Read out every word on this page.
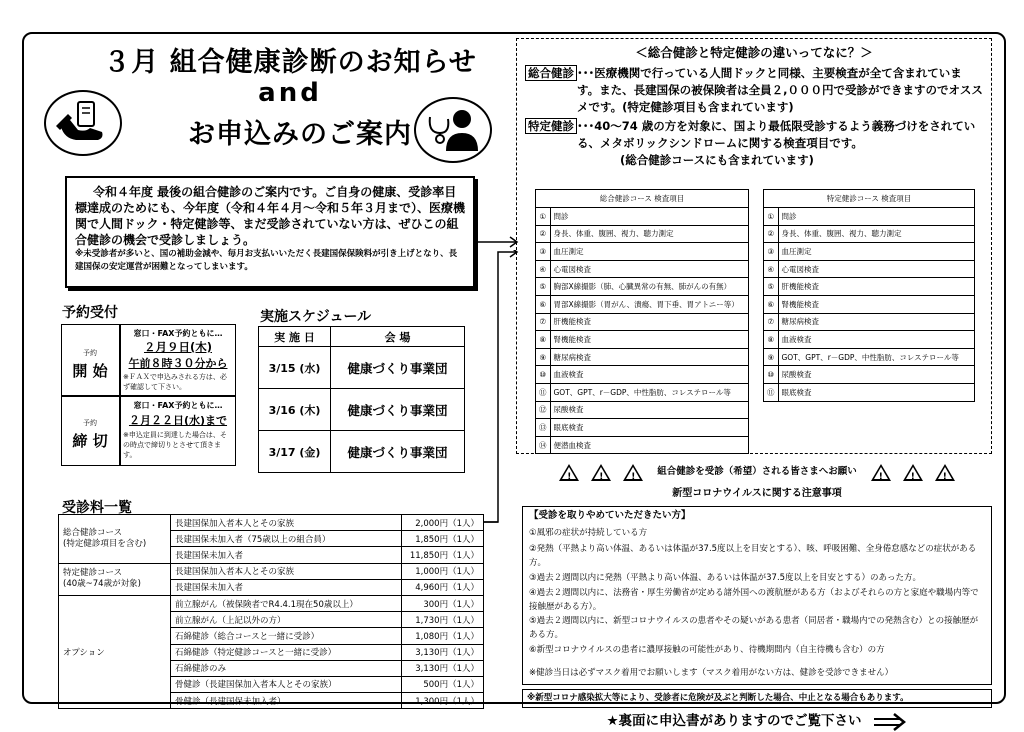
３月 組合健康診断のお知らせ
and
お申込みのご案内
令和４年度 最後の組合健診のご案内です。ご自身の健康、受診率目標達成のためにも、今年度（令和４年４月～令和５年３月まで）、医療機関で人間ドック・特定健診等、まだ受診されていない方は、ぜひこの組合健診の機会で受診しましょう。
※未受診者が多いと、国の補助金減や、毎月お支払いいただく長建国保保険料が引き上げとなり、長建国保の安定運営が困難となってしまいます。
予約受付
予約
開 始
窓口・FAX予約ともに…
２月９日(木)
午前８時３０分から
※ＦＡＸで申込みされる方は、必ず確認して下さい。
予約
締 切
窓口・FAX予約ともに…
２月２２日(水)まで
※申込定員に到達した場合は、その時点で締切りとさせて頂きます。
実施スケジュール
実 施 日	会 場
3/15 (水)	健康づくり事業団
3/16 (木)	健康づくり事業団
3/17 (金)	健康づくり事業団
受診料一覧
総合健診コース
(特定健診項目を含む)	長建国保加入者本人とその家族	2,000円（1人）
	長建国保未加入者（75歳以上の組合員）	1,850円（1人）
	長建国保未加入者	11,850円（1人）
特定健診コース
(40歳~74歳が対象)	長建国保加入者本人とその家族	1,000円（1人）
	長建国保未加入者	4,960円（1人）
オプション	前立腺がん（被保険者でR4.4.1現在50歳以上）	300円（1人）
	前立腺がん（上記以外の方）	1,730円（1人）
	石綿健診（総合コースと一緒に受診）	1,080円（1人）
	石綿健診（特定健診コースと一緒に受診）	3,130円（1人）
	石綿健診のみ	3,130円（1人）
	骨健診（長建国保加入者本人とその家族）	500円（1人）
	骨健診（長建国保未加入者）	1,300円（1人）
＜総合健診と特定健診の違いってなに？＞
総合健診 ･･･医療機関で行っている人間ドックと同様、主要検査が全て含まれています。また、長建国保の被保険者は全員２,０００円で受診ができますのでオススメです。(特定健診項目も含まれています)
特定健診 ･･･40～74 歳の方を対象に、国より最低限受診するよう義務づけをされている、メタボリックシンドロームに関する検査項目です。
(総合健診コースにも含まれています)
総合健診コース 検査項目	
①	問診
②	身長、体重、腹囲、視力、聴力測定
③	血圧測定
④	心電図検査
⑤	胸部X線撮影（肺、心臓異常の有無、肺がんの有無）
⑥	胃部X線撮影（胃がん、潰瘍、胃下垂、胃アトニー等）
⑦	肝機能検査
⑧	腎機能検査
⑨	糖尿病検査
⑩	血液検査
⑪	GOT、GPT、r－GDP、中性脂肪、コレステロール等
⑫	尿酸検査
⑬	眼底検査
⑭	便潜血検査
特定健診コース 検査項目	
①	問診
②	身長、体重、腹囲、視力、聴力測定
③	血圧測定
④	心電図検査
⑤	肝機能検査
⑥	腎機能検査
⑦	糖尿病検査
⑧	血液検査
⑨	GOT、GPT、r－GDP、中性脂肪、コレステロール等
⑩	尿酸検査
⑪	眼底検査
!	!	! 組合健診を受診（希望）される皆さまへお願い !	!	!
新型コロナウイルスに関する注意事項
【受診を取りやめていただきたい方】
①風邪の症状が持続している方
②発熱（平熱より高い体温、あるいは体温が37.5度以上を目安とする）、咳、呼吸困難、全身倦怠感などの症状がある方。
③過去２週間以内に発熱（平熱より高い体温、あるいは体温が37.5度以上を目安とする）のあった方。
④過去２週間以内に、法務省・厚生労働省が定める諸外国への渡航歴がある方（およびそれらの方と家庭や職場内等で接触歴がある方）。
⑤過去２週間以内に、新型コロナウイルスの患者やその疑いがある患者（同居者・職場内での発熱含む）との接触歴がある方。
⑥新型コロナウイルスの患者に濃厚接触の可能性があり、待機期間内（自主待機も含む）の方
※健診当日は必ずマスク着用でお願いします（マスク着用がない方は、健診を受診できません）
※新型コロナ感染拡大等により、受診者に危険が及ぶと判断した場合、中止となる場合もあります。
★裏面に申込書がありますのでご覧下さい
